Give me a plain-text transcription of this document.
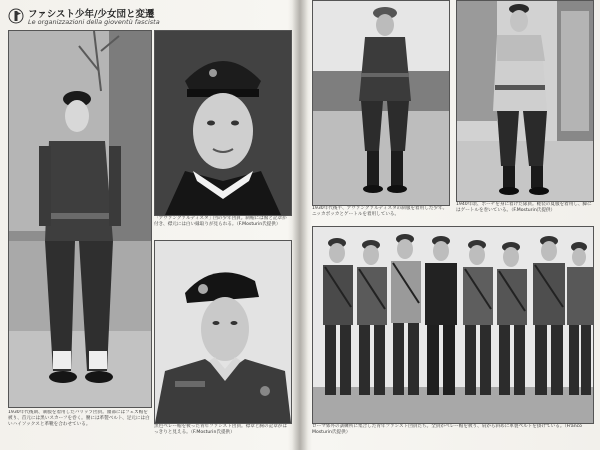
ファシスト少年/少女団と変遷
Le organizzazioni della gioventù fascista
1930年代後期、制服を着用したバリッラ団員。頭部にはフェズ帽を被り、首元には黒いスカーフを巻く。腰には革製ベルト、足元には白いハイソックスと革靴を合わせている。
「アヴァングァルディスタ」団の少年団員。制帽には鷲と記章が付き、襟元には白い縁取りが見られる。（F.Mosturin氏提供）
黒色ベレー帽を被った青年ファシスト団員。襟章と胸の記章がはっきりと見える。（F.Mosturin氏提供）
1930年代後半、アヴァングァルディスタの制服を着用した少年。ニッカボッカとゲートルを着用している。
1940年頃、ポーチを身に着けた隊員。軽装の夏服を着用し、脚にはゲートルを巻いている。（F.Mosturin氏提供）
ローマ郊外の訓練所に集合した青年ファシスト団員たち。全員がベレー帽を被り、肩から斜めに革製ベルトを掛けている。（Franco Mosturin氏提供）
